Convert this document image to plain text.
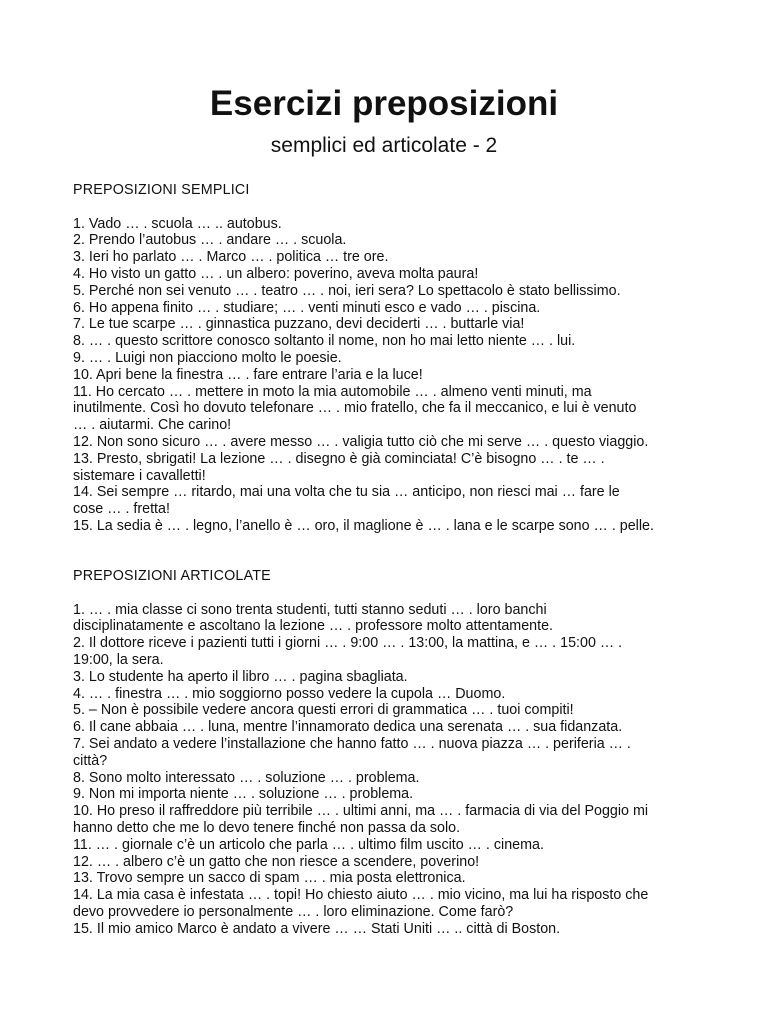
Esercizi preposizioni
semplici ed articolate - 2
PREPOSIZIONI SEMPLICI

1. Vado … . scuola … .. autobus.

2. Prendo l’autobus … . andare … . scuola.

3. Ieri ho parlato … . Marco … . politica … tre ore.

4. Ho visto un gatto … . un albero: poverino, aveva molta paura!

5. Perché non sei venuto … . teatro … . noi, ieri sera? Lo spettacolo è stato bellissimo.

6. Ho appena finito … . studiare; … . venti minuti esco e vado … . piscina.

7. Le tue scarpe … . ginnastica puzzano, devi deciderti … . buttarle via!

8. … . questo scrittore conosco soltanto il nome, non ho mai letto niente … . lui.

9. … . Luigi non piacciono molto le poesie.

10. Apri bene la finestra … . fare entrare l’aria e la luce!

11. Ho cercato … . mettere in moto la mia automobile … . almeno venti minuti, ma
inutilmente. Così ho dovuto telefonare … . mio fratello, che fa il meccanico, e lui è venuto
… . aiutarmi. Che carino!

12. Non sono sicuro … . avere messo … . valigia tutto ciò che mi serve … . questo viaggio.

13. Presto, sbrigati! La lezione … . disegno è già cominciata! C’è bisogno … . te … .
sistemare i cavalletti!

14. Sei sempre … ritardo, mai una volta che tu sia … anticipo, non riesci mai … fare le
cose … . fretta!

15. La sedia è … . legno, l’anello è … oro, il maglione è … . lana e le scarpe sono … . pelle.

PREPOSIZIONI ARTICOLATE

1. … . mia classe ci sono trenta studenti, tutti stanno seduti … . loro banchi
disciplinatamente e ascoltano la lezione … . professore molto attentamente.

2. Il dottore riceve i pazienti tutti i giorni … . 9:00 … . 13:00, la mattina, e … . 15:00 … .
19:00, la sera.

3. Lo studente ha aperto il libro … . pagina sbagliata.

4. … . finestra … . mio soggiorno posso vedere la cupola … Duomo.

5. – Non è possibile vedere ancora questi errori di grammatica … . tuoi compiti!

6. Il cane abbaia … . luna, mentre l’innamorato dedica una serenata … . sua fidanzata.

7. Sei andato a vedere l’installazione che hanno fatto … . nuova piazza … . periferia … .
città?

8. Sono molto interessato … . soluzione … . problema.

9. Non mi importa niente … . soluzione … . problema.

10. Ho preso il raffreddore più terribile … . ultimi anni, ma … . farmacia di via del Poggio mi
hanno detto che me lo devo tenere finché non passa da solo.

11. … . giornale c’è un articolo che parla … . ultimo film uscito … . cinema.

12. … . albero c’è un gatto che non riesce a scendere, poverino!

13. Trovo sempre un sacco di spam … . mia posta elettronica.

14. La mia casa è infestata … . topi! Ho chiesto aiuto … . mio vicino, ma lui ha risposto che
devo provvedere io personalmente … . loro eliminazione. Come farò?

15. Il mio amico Marco è andato a vivere … … Stati Uniti … .. città di Boston.
